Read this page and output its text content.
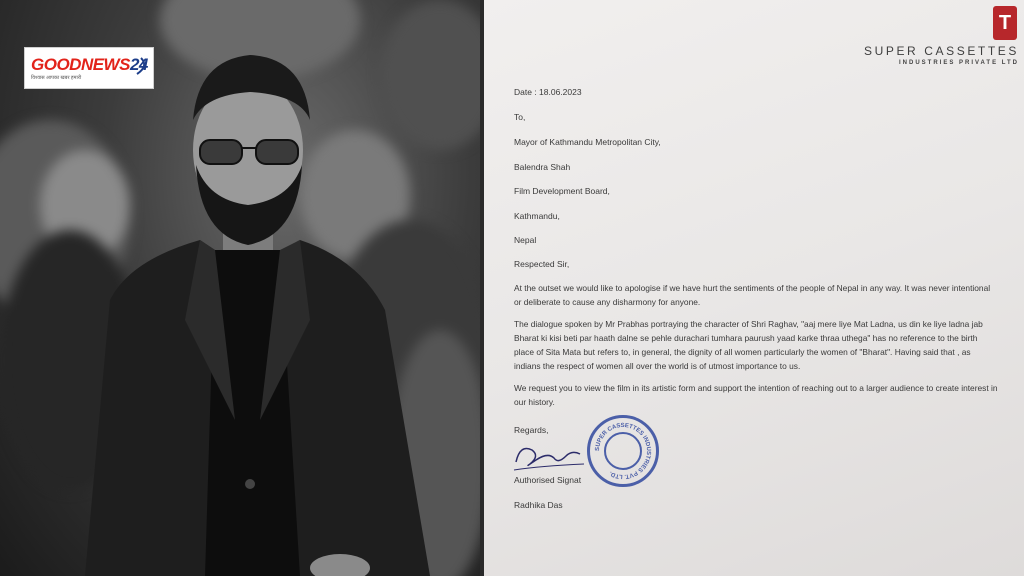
GOODNEWS24
विश्वास आपका खबर हमारी
T
SUPER CASSETTES
INDUSTRIES PRIVATE LTD
Date : 18.06.2023
To,
Mayor of Kathmandu Metropolitan City,
Balendra Shah
Film Development Board,
Kathmandu,
Nepal
Respected Sir,
At the outset we would like to apologise if we have hurt the sentiments of the people of Nepal in any way. It was never intentional or deliberate to cause any disharmony for anyone.
The dialogue spoken by Mr Prabhas portraying the character of Shri Raghav, "aaj mere liye Mat Ladna, us din ke liye ladna jab Bharat ki kisi beti par haath dalne se pehle durachari tumhara paurush yaad karke thraa uthega" has no reference to the birth place of Sita Mata but refers to, in general, the dignity of all women particularly the women of "Bharat". Having said that , as indians the respect of women all over the world is of utmost importance to us.
We request you to view the film in its artistic form and support the intention of reaching out to a larger audience to create interest in our history.
Regards,
SUPER CASSETTES INDUSTRIES PVT. LTD.
Authorised Signat
Radhika Das
